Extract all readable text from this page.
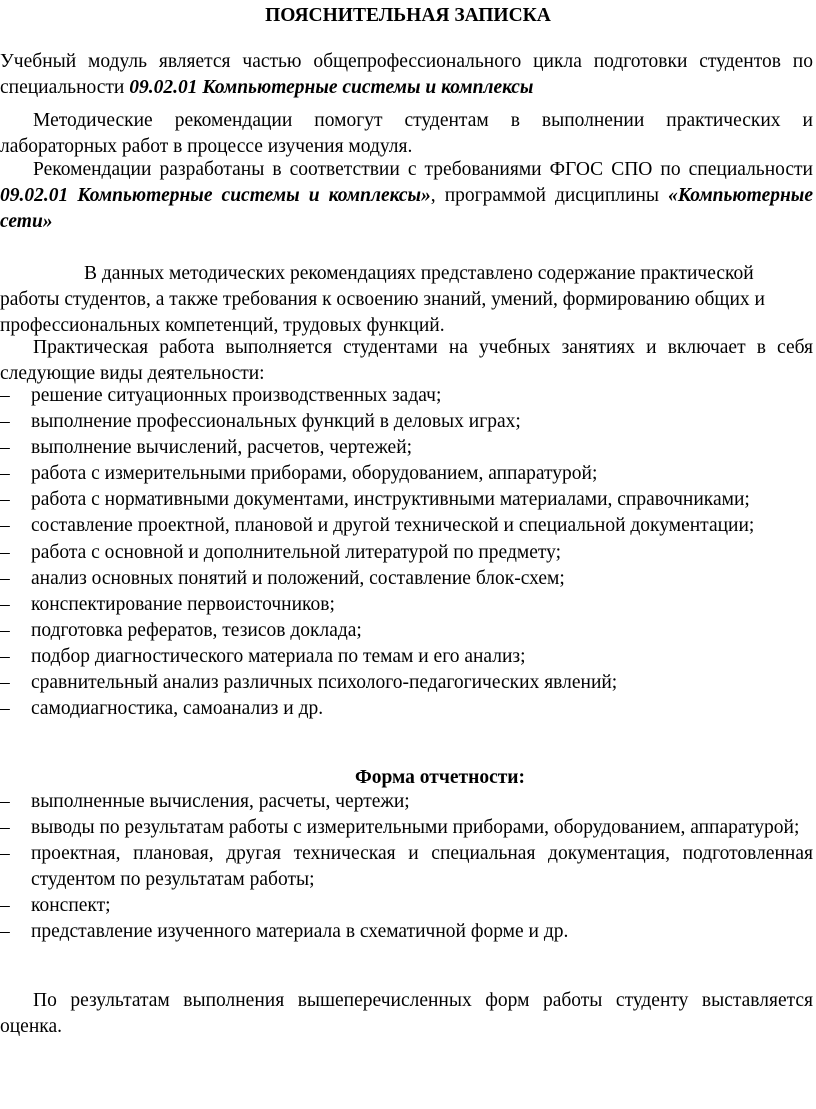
ПОЯСНИТЕЛЬНАЯ ЗАПИСКА

Учебный модуль является частью общепрофессионального цикла подготовки студентов по специальности 09.02.01 Компьютерные системы и комплексы

Методические рекомендации помогут студентам в выполнении практических и лабораторных работ в процессе изучения модуля.

Рекомендации разработаны в соответствии с требованиями ФГОС СПО по специальности 09.02.01 Компьютерные системы и комплексы», программой дисциплины «Компьютерные сети»

В данных методических рекомендациях представлено содержание практической работы студентов, а также требования к освоению знаний, умений, формированию общих и профессиональных компетенций, трудовых функций.

Практическая работа выполняется студентами на учебных занятиях и включает в себя следующие виды деятельности:

–	решение ситуационных производственных задач;
–	выполнение профессиональных функций в деловых играх;
–	выполнение вычислений, расчетов, чертежей;
–	работа с измерительными приборами, оборудованием, аппаратурой;
–	работа с нормативными документами, инструктивными материалами, справочниками;
–	составление проектной, плановой и другой технической и специальной документации;
–	работа с основной и дополнительной литературой по предмету;
–	анализ основных понятий и положений, составление блок-схем;
–	конспектирование первоисточников;
–	подготовка рефератов, тезисов доклада;
–	подбор диагностического материала по темам и его анализ;
–	сравнительный анализ различных психолого-педагогических явлений;
–	самодиагностика, самоанализ и др.
Форма отчетности:
–	выполненные вычисления, расчеты, чертежи;
–	выводы по результатам работы с измерительными приборами, оборудованием, аппаратурой;
–	проектная, плановая, другая техническая и специальная документация, подготовленная студентом по результатам работы;
–	конспект;
–	представление изученного материала в схематичной форме и др.

По результатам выполнения вышеперечисленных форм работы студенту выставляется оценка.
